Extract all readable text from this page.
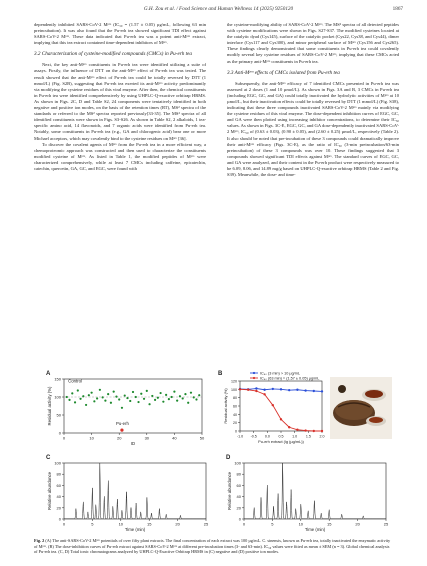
G.H. Zou et al. / Food Science and Human Wellness 14 (2025) 9250120	1867

dependently inhibited SARS-CoV-2 Mᵖʳᵒ (IC₅₀ = (1.57 ± 0.05) µg/mL, following 63 min preincubation). It was also found that the Pu-erh tea showed significant TDI effect against SARS-CoV-2 Mᵖʳᵒ. These data indicated that Pu-erh tea was a potent anti-Mᵖʳᵒ extract, implying that this tea extract contained time-dependent inhibitors of Mᵖʳᵒ.

3.2 Characterization of cysteine-modified compounds (CMCs) in Pu-erh tea

Next, the key anti-Mᵖʳᵒ constituents in Pu-erh tea were identified utilizing a suite of assays. Firstly, the influence of DTT on the anti-Mᵖʳᵒ effect of Pu-erh tea was tested. The result showed that the anti-Mᵖʳᵒ effect of Pu-erh tea could be totally reversed by DTT (1 mmol/L) (Fig. S2B), suggesting that Pu-erh tea exerted its anti-Mᵖʳᵒ activity predominantly via modifying the cysteine residues of this viral enzyme. After then, the chemical constituents in Pu-erh tea were identified comprehensively by using UHPLC-Q-exactive orbitrap HRMS. As shown in Figs. 2C, D and Table S2, 24 components were tentatively identified in both negative and positive ion modes, on the basis of the retention times (RT), MS² spectra of the standards or referred to the MS² spectra reported previously[33-35]. The MS² spectra of all identified constituents were shown in Figs. S3-S26. As shown in Table S2, 2 alkaloids, 1 tea-specific amino acid, 14 flavonoids, and 7 organic acids were identified from Pu-erh tea. Notably, some constituents in Pu-erh tea (e.g., GA and chlorogenic acid) bear one or more Michael acceptors, which may covalently bind to the cysteine residues on Mᵖʳᵒ [36].

To discover the covalent agents of Mᵖʳᵒ from the Pu-erh tea in a more efficient way, a chemoproteomic approach was constructed and then used to characterize the constituents modified cysteine of Mᵖʳᵒ. As listed in Table 1, the modified peptides of Mᵖʳᵒ were characterized comprehensively, while at least 7 CMCs including caffeine, epicatechin, catechin, quercetin, GA, GC, and EGC, were found with

the cysteine-modifying ability of SARS-CoV-2 Mᵖʳᵒ. The MS² spectra of all detected peptides with cysteine modifications were shown in Figs. S27-S37. The modified cysteines located at the catalytic dyad (Cys145), surface of the catalytic pocket (Cys22, Cys38, and Cys44), dimer interface (Cys117 and Cys300), and minor peripheral surface of Mᵖʳᵒ (Cys156 and Cys265). These findings clearly demonstrated that some constituents in Pu-erh tea could covalently modify several key cysteine residues of SARS-CoV-2 Mᵖʳᵒ, implying that these CMCs acted as the primary anti-Mᵖʳᵒ constituents in Pu-erh tea.

3.3 Anti-Mᵖʳᵒ effects of CMCs isolated from Pu-erh tea

Subsequently, the anti-Mᵖʳᵒ efficacy of 7 identified CMCs presented in Pu-erh tea was assessed at 2 doses (1 and 10 µmol/L). As shown in Figs. 3A and B, 3 CMCs in Pu-erh tea (including EGC, GC, and GA) could totally inactivated the hydrolytic activities of Mᵖʳᵒ at 10 µmol/L, but their inactivation effects could be totally reversed by DTT (1 mmol/L) (Fig. S38), indicating that these three compounds inactivated SARS-CoV-2 Mᵖʳᵒ mainly via modifying the cysteine residues of this viral enzyme. The dose-dependent inhibition curves of EGC, GC, and GA were then plotted using increasing inhibitor concentrations, to determine their IC₅₀ values. As shown in Figs. 3C-E, EGC, GC, and GA dose-dependently inactivated SARS-CoV-2 Mᵖʳᵒ, IC₅₀ of (0.63 ± 0.03), (0.90 ± 0.05), and (2.60 ± 0.25) µmol/L, respectively (Table 2). It also should be noted that pre-incubation of these 3 compounds could dramatically improve their anti-Mᵖʳᵒ efficacy (Figs. 3C-E), as the ratio of IC₅₀ (3-min preincubation/63-min preincubation) of these 3 compounds was over 10. These findings suggested that 3 compounds showed significant TDI effects against Mᵖʳᵒ. The standard curves of EGC, GC, and GA were analyzed, and their content in the Pu-erh product were respectively measured to be 6.09, 8.06, and 14.89 mg/g based on UHPLC-Q-exactive orbitrap HRMS (Table 2 and Fig. S39). Meanwhile, the dose- and time-

A
0	10	20	30	40	50
0
50
100
150
ID
Residual activity (%)
Control
Pu-erh
B
-1.0 -0.5 0.0 0.5 1.0 1.5 2.0
0
20
40
60
80
100
120
Pu-erh extract (lg (µg/mL))
Residual activity (%)
IC₅₀ (3 min) > 10 µg/mL
IC₅₀ (63 min) = (1.57 ± 0.05) µg/mL
C
0	5	10	15	20	25
0
20
40
60
80
100
Time (min)
Relative abundance
D
0	5	10	15	20	25
0
20
40
60
80
100
Time (min)
Relative abundance
Fig. 2 (A) The anti-SARS-CoV-2 Mᵖʳᵒ potentials of over fifty plant extracts. The final concentration of each extract was 100 µg/mL. C. sinensis, known as Pu-erh tea, totally inactivated the enzymatic activity of Mᵖʳᵒ. (B) The dose-inhibition curves of Pu-erh extract against SARS-CoV-2 Mᵖʳᵒ at different pre-incubation times (3- and 63-min). IC₅₀ values were fitted as mean ± SEM (n = 3). Global chemical analysis of Pu-erh tea. (C, D) Total ionic chromatograms analyzed by UHPLC-Q-Exactive Orbitrap HRMS in (C) negative and (D) positive ion modes.
